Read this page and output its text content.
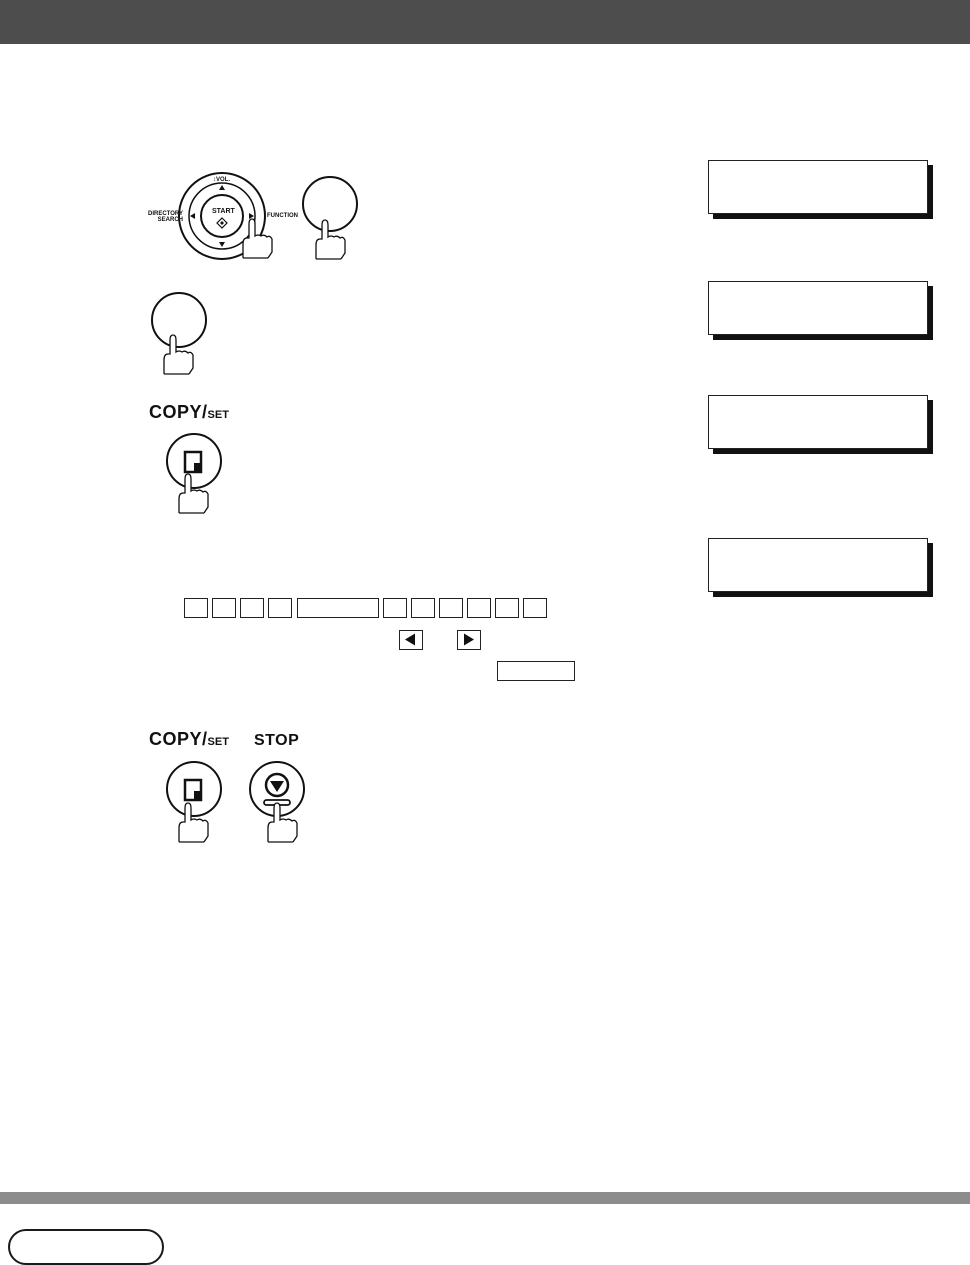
↕VOL.
DIRECTORY
SEARCH
START
FUNCTION
COPY/SET
COPY/SET STOP
